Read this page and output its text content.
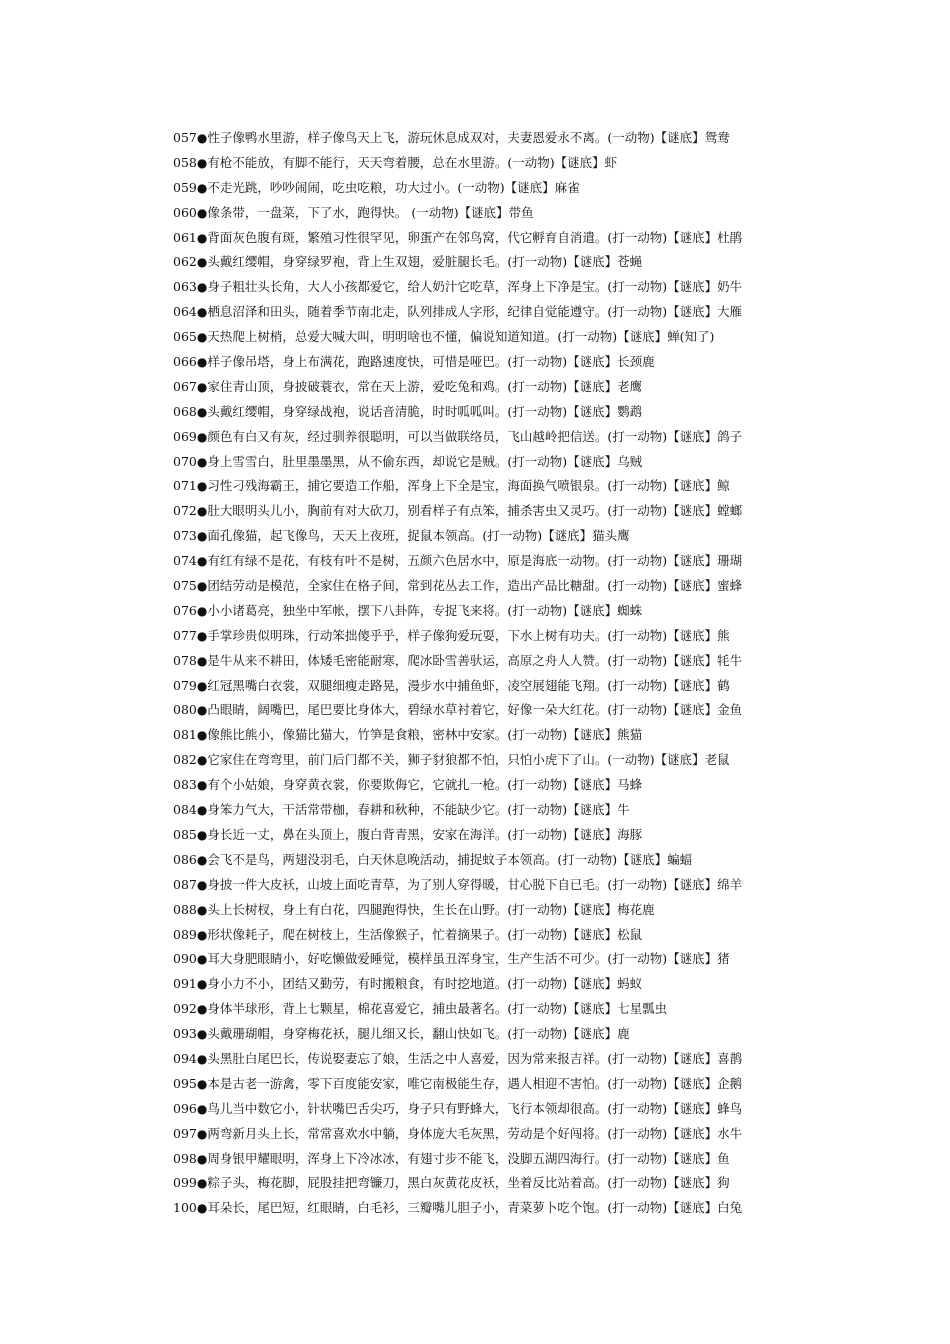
057●性子像鸭水里游，样子像鸟天上飞，游玩休息成双对，夫妻恩爱永不离。(一动物)【谜底】鸳鸯
058●有枪不能放，有脚不能行，天天弯着腰，总在水里游。(一动物)【谜底】虾
059●不走光跳，吵吵闹闹，吃虫吃粮，功大过小。(一动物)【谜底】麻雀
060●像条带，一盘菜，下了水，跑得快。 (一动物)【谜底】带鱼
061●背面灰色腹有斑，繁殖习性很罕见，卵蛋产在邻鸟窝，代它孵育自消遣。(打一动物)【谜底】杜鹃
062●头戴红缨帽，身穿绿罗袍，背上生双翅，爱脏腿长毛。(打一动物)【谜底】苍蝇
063●身子粗壮头长角，大人小孩都爱它，给人奶汁它吃草，浑身上下净是宝。(打一动物)【谜底】奶牛
064●栖息沼泽和田头，随着季节南北走，队列排成人字形，纪律自觉能遵守。(打一动物)【谜底】大雁
065●天热爬上树梢，总爱大喊大叫，明明啥也不懂，偏说知道知道。(打一动物)【谜底】蝉(知了)
066●样子像吊塔，身上布满花，跑路速度快，可惜是哑巴。(打一动物)【谜底】长颈鹿
067●家住青山顶，身披破蓑衣，常在天上游，爱吃兔和鸡。(打一动物)【谜底】老鹰
068●头戴红缨帽，身穿绿战袍，说话音清脆，时时呱呱叫。(打一动物)【谜底】鹦鹉
069●颜色有白又有灰，经过驯养很聪明，可以当做联络员，飞山越岭把信送。(打一动物)【谜底】鸽子
070●身上雪雪白，肚里墨墨黑，从不偷东西，却说它是贼。(打一动物)【谜底】乌贼
071●习性刁残海霸王，捕它要造工作船，浑身上下全是宝，海面换气喷银泉。(打一动物)【谜底】鲸
072●肚大眼明头儿小，胸前有对大砍刀，别看样子有点笨，捕杀害虫又灵巧。(打一动物)【谜底】螳螂
073●面孔像猫，起飞像鸟，天天上夜班，捉鼠本领高。(打一动物)【谜底】猫头鹰
074●有红有绿不是花，有枝有叶不是树，五颜六色居水中，原是海底一动物。(打一动物)【谜底】珊瑚
075●团结劳动是模范，全家住在格子间，常到花丛去工作，造出产品比糖甜。(打一动物)【谜底】蜜蜂
076●小小诸葛亮，独坐中军帐，摆下八卦阵，专捉飞来将。(打一动物)【谜底】蜘蛛
077●手掌珍贵似明珠，行动笨拙傻乎乎，样子像狗爱玩耍，下水上树有功夫。(打一动物)【谜底】熊
078●是牛从来不耕田，体矮毛密能耐寒，爬冰卧雪善驮运，高原之舟人人赞。(打一动物)【谜底】牦牛
079●红冠黑嘴白衣裳，双腿细瘦走路晃，漫步水中捕鱼虾，凌空展翅能飞翔。(打一动物)【谜底】鹤
080●凸眼睛，阔嘴巴，尾巴要比身体大，碧绿水草衬着它，好像一朵大红花。(打一动物)【谜底】金鱼
081●像熊比熊小，像猫比猫大，竹笋是食粮，密林中安家。(打一动物)【谜底】熊猫
082●它家住在弯弯里，前门后门都不关，狮子豺狼都不怕，只怕小虎下了山。(一动物)【谜底】老鼠
083●有个小姑娘，身穿黄衣裳，你要欺侮它，它就扎一枪。(打一动物)【谜底】马蜂
084●身笨力气大，干活常带枷，春耕和秋种，不能缺少它。(打一动物)【谜底】牛
085●身长近一丈，鼻在头顶上，腹白背青黑，安家在海洋。(打一动物)【谜底】海豚
086●会飞不是鸟，两翅没羽毛，白天休息晚活动，捕捉蚊子本领高。(打一动物)【谜底】蝙蝠
087●身披一件大皮袄，山坡上面吃青草，为了别人穿得暖，甘心脱下自已毛。(打一动物)【谜底】绵羊
088●头上长树杈，身上有白花，四腿跑得快，生长在山野。(打一动物)【谜底】梅花鹿
089●形状像耗子，爬在树枝上，生活像猴子，忙着摘果子。(打一动物)【谜底】松鼠
090●耳大身肥眼睛小，好吃懒做爱睡觉，模样虽丑浑身宝，生产生活不可少。(打一动物)【谜底】猪
091●身小力不小，团结又勤劳，有时搬粮食，有时挖地道。(打一动物)【谜底】蚂蚁
092●身体半球形，背上七颗星，棉花喜爱它，捕虫最著名。(打一动物)【谜底】七星瓢虫
093●头戴珊瑚帽，身穿梅花袄，腿儿细又长，翻山快如飞。(打一动物)【谜底】鹿
094●头黑肚白尾巴长，传说娶妻忘了娘，生活之中人喜爱，因为常来报吉祥。(打一动物)【谜底】喜鹊
095●本是古老一游禽，零下百度能安家，唯它南极能生存，遇人相迎不害怕。(打一动物)【谜底】企鹅
096●鸟儿当中数它小，针状嘴巴舌尖巧，身子只有野蜂大，飞行本领却很高。(打一动物)【谜底】蜂鸟
097●两弯新月头上长，常常喜欢水中躺，身体庞大毛灰黑，劳动是个好闯将。(打一动物)【谜底】水牛
098●周身银甲耀眼明，浑身上下冷冰冰，有翅寸步不能飞，没脚五湖四海行。(打一动物)【谜底】鱼
099●粽子头，梅花脚，屁股挂把弯镰刀，黑白灰黄花皮袄，坐着反比站着高。(打一动物)【谜底】狗
100●耳朵长，尾巴短，红眼睛，白毛衫，三瓣嘴儿胆子小，青菜萝卜吃个饱。(打一动物)【谜底】白兔
